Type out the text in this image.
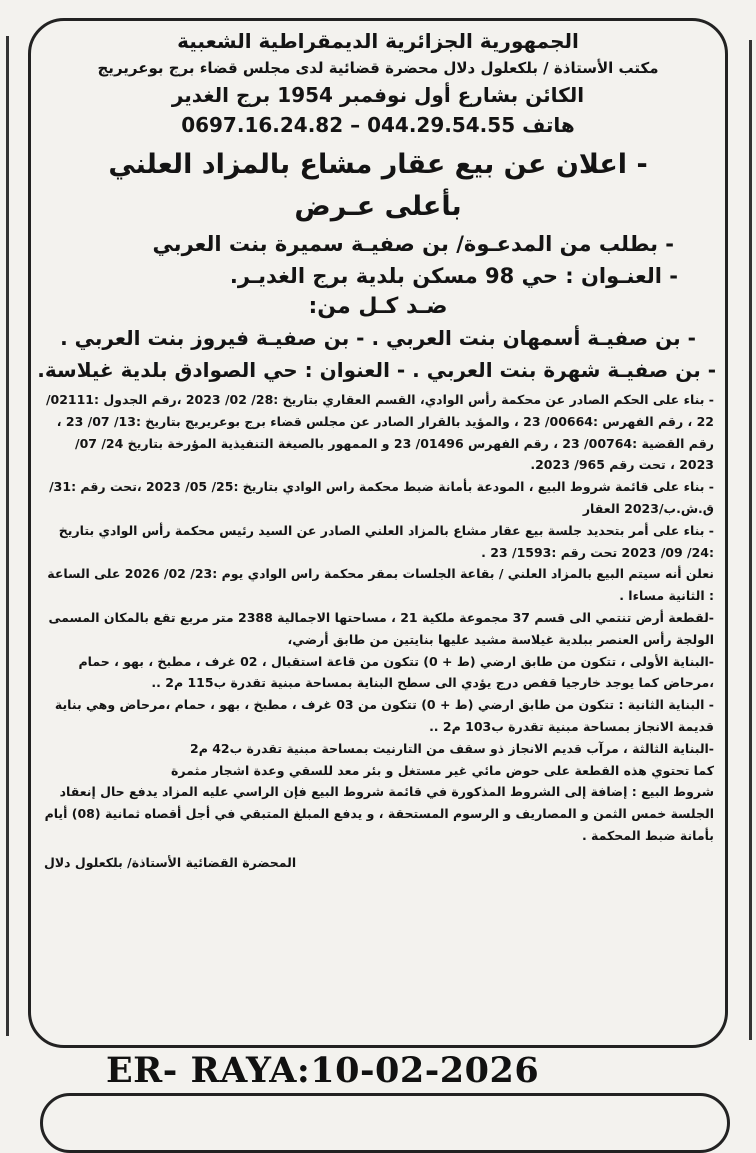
الجمهورية الجزائرية الديمقراطية الشعبية

مكتب الأستاذة / بلكعلول دلال محضرة قضائية لدى مجلس قضاء برج بوعريريج

الكائن بشارع أول نوفمبر 1954 برج الغدير

هاتف 044.29.54.55 – 0697.16.24.82

- اعلان عن بيع عقار مشاع بالمزاد العلني

بأعلى عـرض

- بطلب من المدعـوة/ بن صفيـة سميرة بنت العربي

- العنـوان : حي 98 مسكن بلدية برج الغديـر.

ضـد كـل من:

- بن صفيـة أسمهان بنت العربي . - بن صفيـة فيروز بنت العربي .

- بن صفيـة شهرة بنت العربي . - العنوان : حي الصوادق بلدية غيلاسة.

- بناء على الحكم الصادر عن محكمة رأس الوادي، القسم العقاري بتاريخ :28/ 02/ 2023 ،رقم الجدول :02111/ 22 ، رقم الفهرس :00664/ 23 ، والمؤيد بالقرار الصادر عن مجلس قضاء برج بوعريريج بتاريخ :13/ 07/ 23 ، رقم القضية :00764/ 23 ، رقم الفهرس 01496/ 23 و الممهور بالصيغة التنفيذية المؤرخة بتاريخ 24/ 07/ 2023 ، تحت رقم 965/ 2023.

- بناء على قائمة شروط البيع ، المودعة بأمانة ضبط محكمة راس الوادي بتاريخ :25/ 05/ 2023 ،تحت رقم :31/ ق.ش.ب/2023 العقار

- بناء على أمر بتحديد جلسة بيع عقار مشاع بالمزاد العلني الصادر عن السيد رئيس محكمة رأس الوادي بتاريخ :24/ 09/ 2023 تحت رقم :1593/ 23 .

نعلن أنه سيتم البيع بالمزاد العلني / بقاعة الجلسات بمقر محكمة راس الوادي يوم :23/ 02/ 2026 على الساعة : الثانية مساءا .

-لقطعة أرض تنتمي الى قسم 37 مجموعة ملكية 21 ، مساحتها الاجمالية 2388 متر مربع تقع بالمكان المسمى الولجة رأس العنصر ببلدية غيلاسة مشيد عليها بنايتين من طابق أرضي،

-البناية الأولى ، تتكون من طابق ارضي (ط + 0) تتكون من قاعة استقبال ، 02 غرف ، مطبخ ، بهو ، حمام ،مرحاض كما يوجد خارجيا قفص درج يؤدي الى سطح البناية بمساحة مبنية تقدرة ب115 م2 ..

- البناية الثانية : تتكون من طابق ارضي (ط + 0) تتكون من 03 غرف ، مطبخ ، بهو ، حمام ،مرحاض وهي بناية قديمة الانجاز بمساحة مبنية تقدرة ب103 م2 ..

-البناية الثالثة ، مرآب قديم الانجاز ذو سقف من التارنيت بمساحة مبنية تقدرة ب42 م2

كما تحتوي هذه القطعة على حوض مائي غير مستغل و بئر معد للسقي وعدة اشجار مثمرة

شروط البيع : إضافة إلى الشروط المذكورة في قائمة شروط البيع فإن الراسي عليه المزاد يدفع حال إنعقاد الجلسة خمس الثمن و المصاريف و الرسوم المستحقة ، و يدفع المبلغ المتبقي في أجل أقصاه ثمانية (08) أيام بأمانة ضبط المحكمة .

المحضرة القضائية الأستاذة/ بلكعلول دلال
ER- RAYA:10-02-2026
